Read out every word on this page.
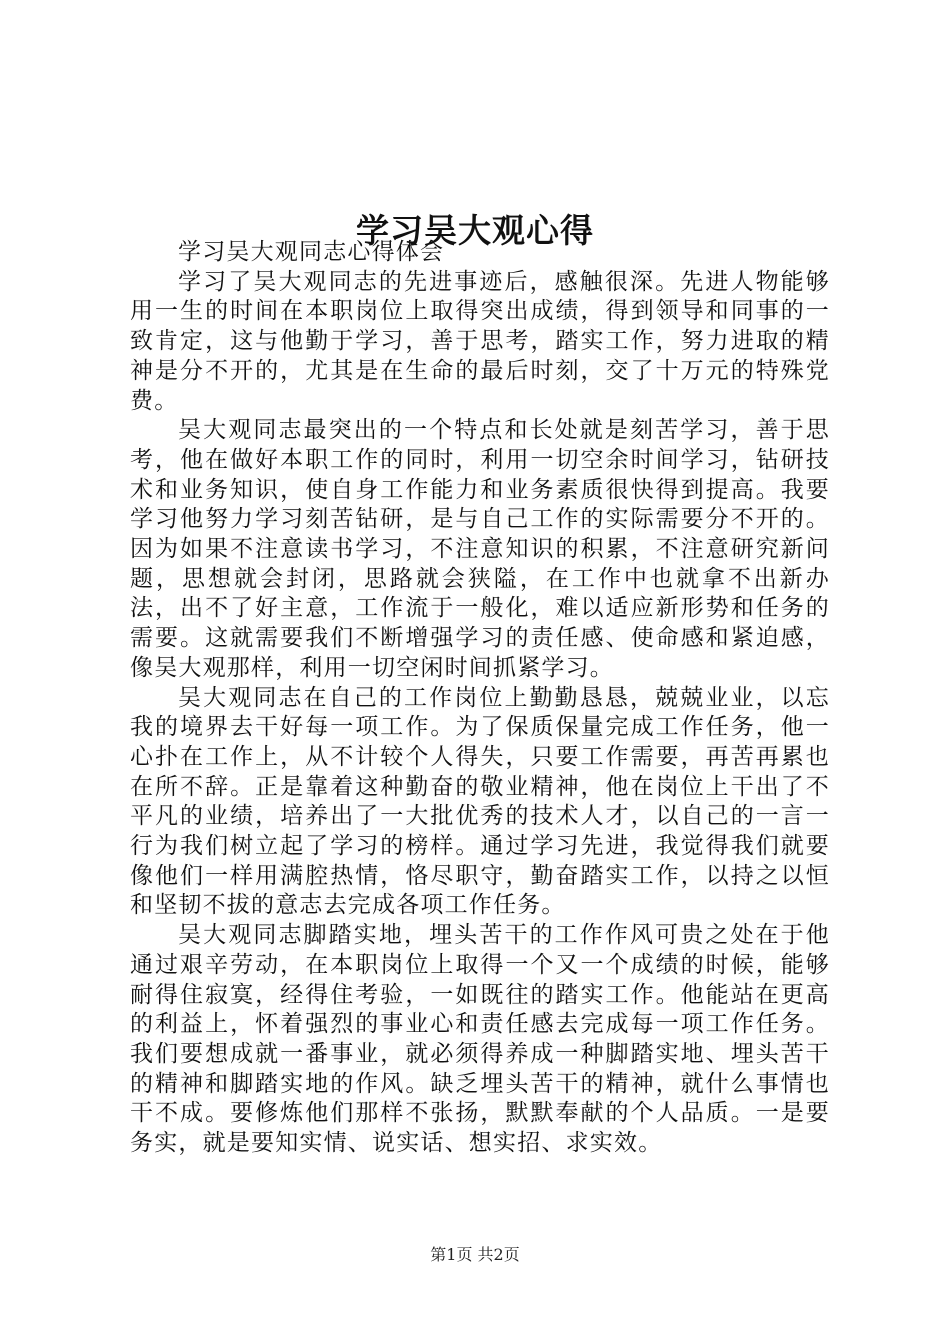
学习吴大观心得

学习吴大观同志心得体会

学习了吴大观同志的先进事迹后，感触很深。先进人物能够用一生的时间在本职岗位上取得突出成绩，得到领导和同事的一致肯定，这与他勤于学习，善于思考，踏实工作，努力进取的精神是分不开的，尤其是在生命的最后时刻，交了十万元的特殊党费。

吴大观同志最突出的一个特点和长处就是刻苦学习，善于思考，他在做好本职工作的同时，利用一切空余时间学习，钻研技术和业务知识，使自身工作能力和业务素质很快得到提高。我要学习他努力学习刻苦钻研，是与自己工作的实际需要分不开的。因为如果不注意读书学习，不注意知识的积累，不注意研究新问题，思想就会封闭，思路就会狭隘，在工作中也就拿不出新办法，出不了好主意，工作流于一般化，难以适应新形势和任务的需要。这就需要我们不断增强学习的责任感、使命感和紧迫感，像吴大观那样，利用一切空闲时间抓紧学习。

吴大观同志在自己的工作岗位上勤勤恳恳，兢兢业业，以忘我的境界去干好每一项工作。为了保质保量完成工作任务，他一心扑在工作上，从不计较个人得失，只要工作需要，再苦再累也在所不辞。正是靠着这种勤奋的敬业精神，他在岗位上干出了不平凡的业绩，培养出了一大批优秀的技术人才，以自己的一言一行为我们树立起了学习的榜样。通过学习先进，我觉得我们就要像他们一样用满腔热情，恪尽职守，勤奋踏实工作，以持之以恒和坚韧不拔的意志去完成各项工作任务。

吴大观同志脚踏实地，埋头苦干的工作作风可贵之处在于他通过艰辛劳动，在本职岗位上取得一个又一个成绩的时候，能够耐得住寂寞，经得住考验，一如既往的踏实工作。他能站在更高的利益上，怀着强烈的事业心和责任感去完成每一项工作任务。我们要想成就一番事业，就必须得养成一种脚踏实地、埋头苦干的精神和脚踏实地的作风。缺乏埋头苦干的精神，就什么事情也干不成。要修炼他们那样不张扬，默默奉献的个人品质。一是要务实，就是要知实情、说实话、想实招、求实效。

第1页 共2页
